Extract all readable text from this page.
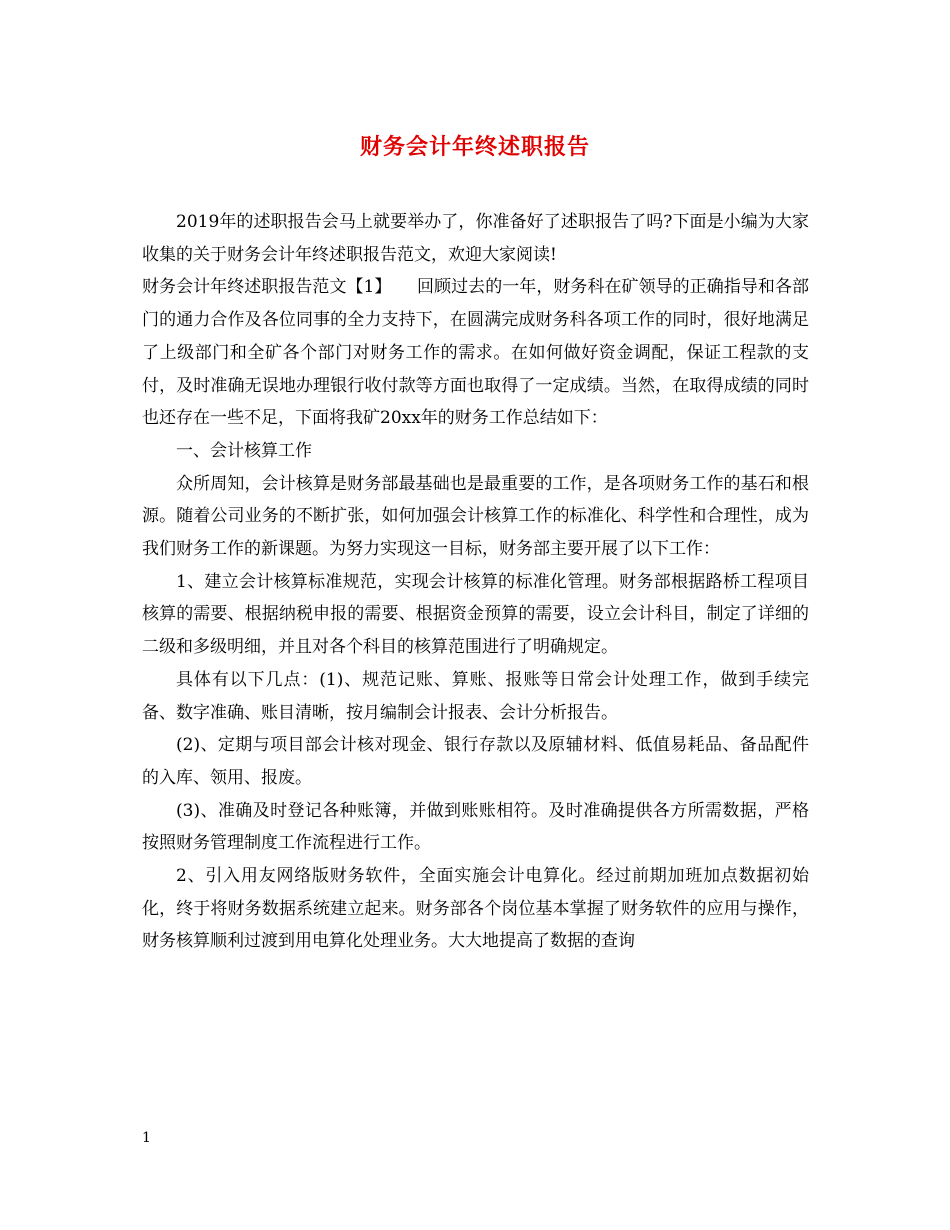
财务会计年终述职报告

2019年的述职报告会马上就要举办了，你准备好了述职报告了吗?下面是小编为大家收集的关于财务会计年终述职报告范文，欢迎大家阅读!

财务会计年终述职报告范文【1】　　回顾过去的一年，财务科在矿领导的正确指导和各部门的通力合作及各位同事的全力支持下，在圆满完成财务科各项工作的同时，很好地满足了上级部门和全矿各个部门对财务工作的需求。在如何做好资金调配，保证工程款的支付，及时准确无误地办理银行收付款等方面也取得了一定成绩。当然，在取得成绩的同时也还存在一些不足，下面将我矿20xx年的财务工作总结如下：

一、会计核算工作

众所周知，会计核算是财务部最基础也是最重要的工作，是各项财务工作的基石和根源。随着公司业务的不断扩张，如何加强会计核算工作的标准化、科学性和合理性，成为我们财务工作的新课题。为努力实现这一目标，财务部主要开展了以下工作：

1、建立会计核算标准规范，实现会计核算的标准化管理。财务部根据路桥工程项目核算的需要、根据纳税申报的需要、根据资金预算的需要，设立会计科目，制定了详细的二级和多级明细，并且对各个科目的核算范围进行了明确规定。

具体有以下几点：(1)、规范记账、算账、报账等日常会计处理工作，做到手续完备、数字准确、账目清晰，按月编制会计报表、会计分析报告。

(2)、定期与项目部会计核对现金、银行存款以及原辅材料、低值易耗品、备品配件的入库、领用、报废。

(3)、准确及时登记各种账簿，并做到账账相符。及时准确提供各方所需数据，严格按照财务管理制度工作流程进行工作。

2、引入用友网络版财务软件，全面实施会计电算化。经过前期加班加点数据初始化，终于将财务数据系统建立起来。财务部各个岗位基本掌握了财务软件的应用与操作，财务核算顺利过渡到用电算化处理业务。大大地提高了数据的查询

1
